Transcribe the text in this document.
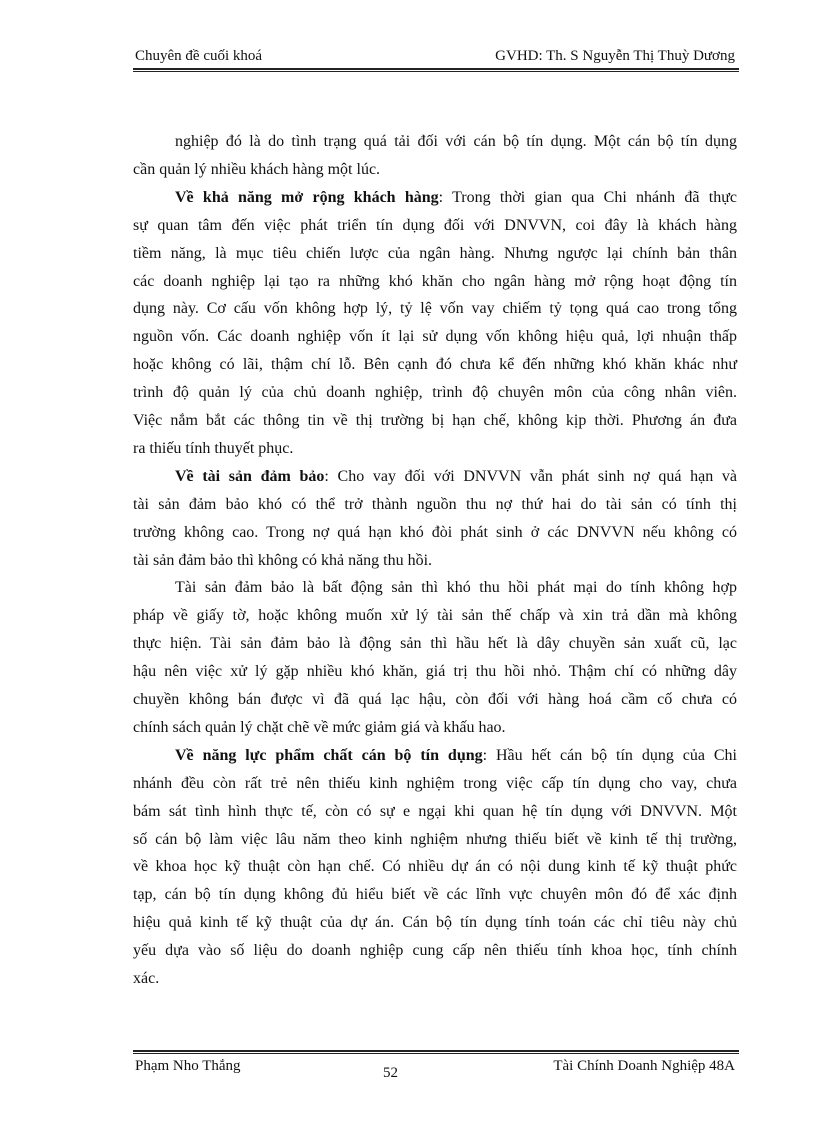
Chuyên đề cuối khoá	GVHD: Th. S Nguyễn Thị Thuỳ Dương
nghiệp đó là do tình trạng quá tải đối với cán bộ tín dụng. Một cán bộ tín dụng
cần quản lý nhiều khách hàng một lúc.
Về khả năng mở rộng khách hàng: Trong thời gian qua Chi nhánh đã thực
sự quan tâm đến việc phát triển tín dụng đối với DNVVN, coi đây là khách hàng
tiềm năng, là mục tiêu chiến lược của ngân hàng. Nhưng ngược lại chính bản thân
các doanh nghiệp lại tạo ra những khó khăn cho ngân hàng mở rộng hoạt động tín
dụng này. Cơ cấu vốn không hợp lý, tỷ lệ vốn vay chiếm tỷ tọng quá cao trong tổng
nguồn vốn. Các doanh nghiệp vốn ít lại sử dụng vốn không hiệu quả, lợi nhuận thấp
hoặc không có lãi, thậm chí lỗ. Bên cạnh đó chưa kể đến những khó khăn khác như
trình độ quản lý của chủ doanh nghiệp, trình độ chuyên môn của công nhân viên.
Việc nắm bắt các thông tin về thị trường bị hạn chế, không kịp thời. Phương án đưa
ra thiếu tính thuyết phục.
Về tài sản đảm bảo: Cho vay đối với DNVVN vẫn phát sinh nợ quá hạn và
tài sản đảm bảo khó có thể trở thành nguồn thu nợ thứ hai do tài sản có tính thị
trường không cao. Trong nợ quá hạn khó đòi phát sinh ở các DNVVN nếu không có
tài sản đảm bảo thì không có khả năng thu hồi.
Tài sản đảm bảo là bất động sản thì khó thu hồi phát mại do tính không hợp
pháp về giấy tờ, hoặc không muốn xử lý tài sản thế chấp và xin trả dần mà không
thực hiện. Tài sản đảm bảo là động sản thì hầu hết là dây chuyền sản xuất cũ, lạc
hậu nên việc xử lý gặp nhiều khó khăn, giá trị thu hồi nhỏ. Thậm chí có những dây
chuyền không bán được vì đã quá lạc hậu, còn đối với hàng hoá cầm cố chưa có
chính sách quản lý chặt chẽ về mức giảm giá và khấu hao.
Về năng lực phẩm chất cán bộ tín dụng: Hầu hết cán bộ tín dụng của Chi
nhánh đều còn rất trẻ nên thiếu kinh nghiệm trong việc cấp tín dụng cho vay, chưa
bám sát tình hình thực tế, còn có sự e ngại khi quan hệ tín dụng với DNVVN. Một
số cán bộ làm việc lâu năm theo kinh nghiệm nhưng thiếu biết về kinh tế thị trường,
về khoa học kỹ thuật còn hạn chế. Có nhiều dự án có nội dung kinh tế kỹ thuật phức
tạp, cán bộ tín dụng không đủ hiểu biết về các lĩnh vực chuyên môn đó để xác định
hiệu quả kinh tế kỹ thuật của dự án. Cán bộ tín dụng tính toán các chỉ tiêu này chủ
yếu dựa vào số liệu do doanh nghiệp cung cấp nên thiếu tính khoa học, tính chính
xác.
Phạm Nho Thắng	52	Tài Chính Doanh Nghiệp 48A
